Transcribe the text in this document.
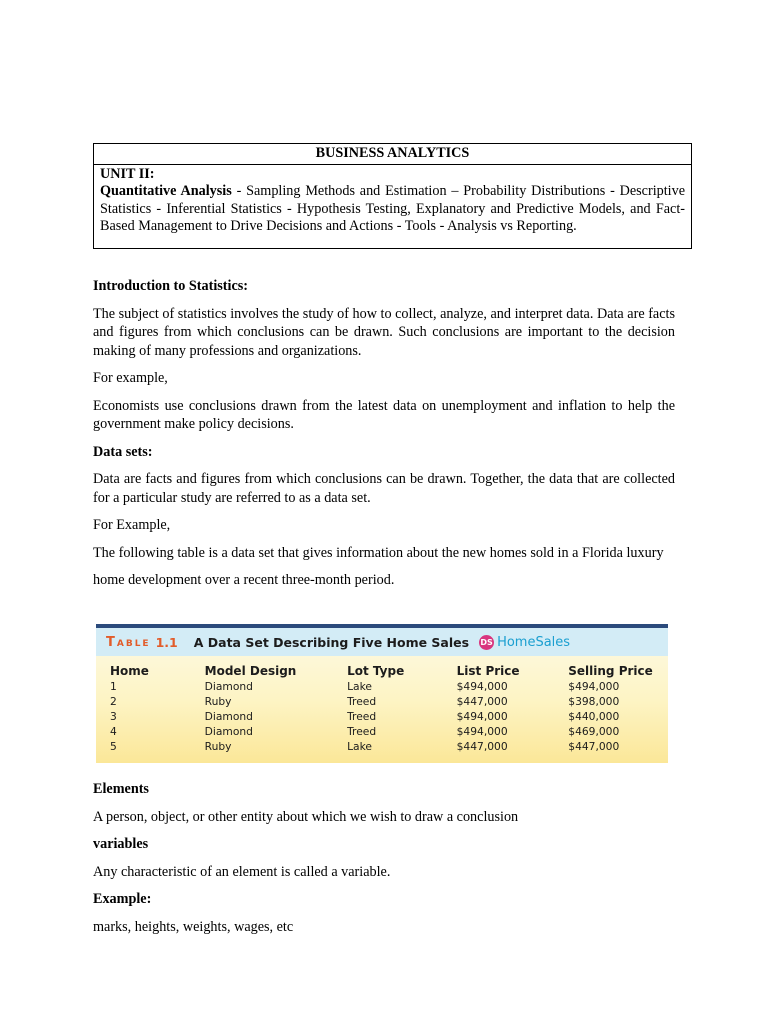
BUSINESS ANALYTICS
UNIT II:
Quantitative Analysis - Sampling Methods and Estimation – Probability Distributions - Descriptive Statistics - Inferential Statistics - Hypothesis Testing, Explanatory and Predictive Models, and Fact-Based Management to Drive Decisions and Actions - Tools - Analysis vs Reporting.

Introduction to Statistics:

The subject of statistics involves the study of how to collect, analyze, and interpret data. Data are facts and figures from which conclusions can be drawn. Such conclusions are important to the decision making of many professions and organizations.

For example,

Economists use conclusions drawn from the latest data on unemployment and inflation to help the government make policy decisions.

Data sets:

Data are facts and figures from which conclusions can be drawn. Together, the data that are collected for a particular study are referred to as a data set.

For Example,

The following table is a data set that gives information about the new homes sold in a Florida luxury

home development over a recent three-month period.

Table 1.1 A Data Set Describing Five Home Sales DS HomeSales
Home	Model Design	Lot Type	List Price	Selling Price
1	Diamond	Lake	$494,000	$494,000
2	Ruby	Treed	$447,000	$398,000
3	Diamond	Treed	$494,000	$440,000
4	Diamond	Treed	$494,000	$469,000
5	Ruby	Lake	$447,000	$447,000

Elements

A person, object, or other entity about which we wish to draw a conclusion

variables

Any characteristic of an element is called a variable.

Example:

marks, heights, weights, wages, etc
